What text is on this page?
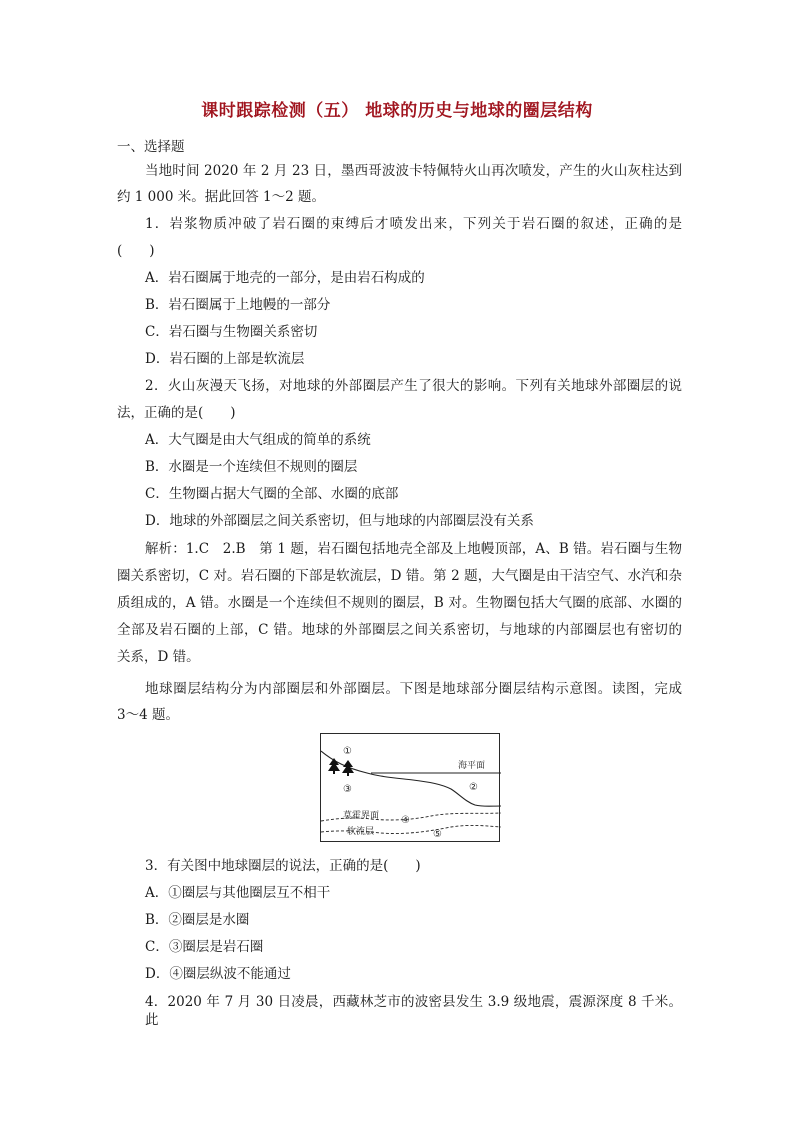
课时跟踪检测（五） 地球的历史与地球的圈层结构
一、选择题
当地时间 2020 年 2 月 23 日，墨西哥波波卡特佩特火山再次喷发，产生的火山灰柱达到
约 1 000 米。据此回答 1～2 题。
1．岩浆物质冲破了岩石圈的束缚后才喷发出来，下列关于岩石圈的叙述，正确的是
(　　)
A．岩石圈属于地壳的一部分，是由岩石构成的
B．岩石圈属于上地幔的一部分
C．岩石圈与生物圈关系密切
D．岩石圈的上部是软流层
2．火山灰漫天飞扬，对地球的外部圈层产生了很大的影响。下列有关地球外部圈层的说
法，正确的是(　　)
A．大气圈是由大气组成的简单的系统
B．水圈是一个连续但不规则的圈层
C．生物圈占据大气圈的全部、水圈的底部
D．地球的外部圈层之间关系密切，但与地球的内部圈层没有关系
解析：1.C　2.B　第 1 题，岩石圈包括地壳全部及上地幔顶部，A、B 错。岩石圈与生物
圈关系密切，C 对。岩石圈的下部是软流层，D 错。第 2 题，大气圈是由干洁空气、水汽和杂
质组成的，A 错。水圈是一个连续但不规则的圈层，B 对。生物圈包括大气圈的底部、水圈的
全部及岩石圈的上部，C 错。地球的外部圈层之间关系密切，与地球的内部圈层也有密切的
关系，D 错。
地球圈层结构分为内部圈层和外部圈层。下图是地球部分圈层结构示意图。读图，完成
3～4 题。
①
③	②
④
⑤
海平面
莫霍界面
软流层
3．有关图中地球圈层的说法，正确的是(　　)
A．①圈层与其他圈层互不相干
B．②圈层是水圈
C．③圈层是岩石圈
D．④圈层纵波不能通过
4．2020 年 7 月 30 日凌晨，西藏林芝市的波密县发生 3.9 级地震，震源深度 8 千米。此
